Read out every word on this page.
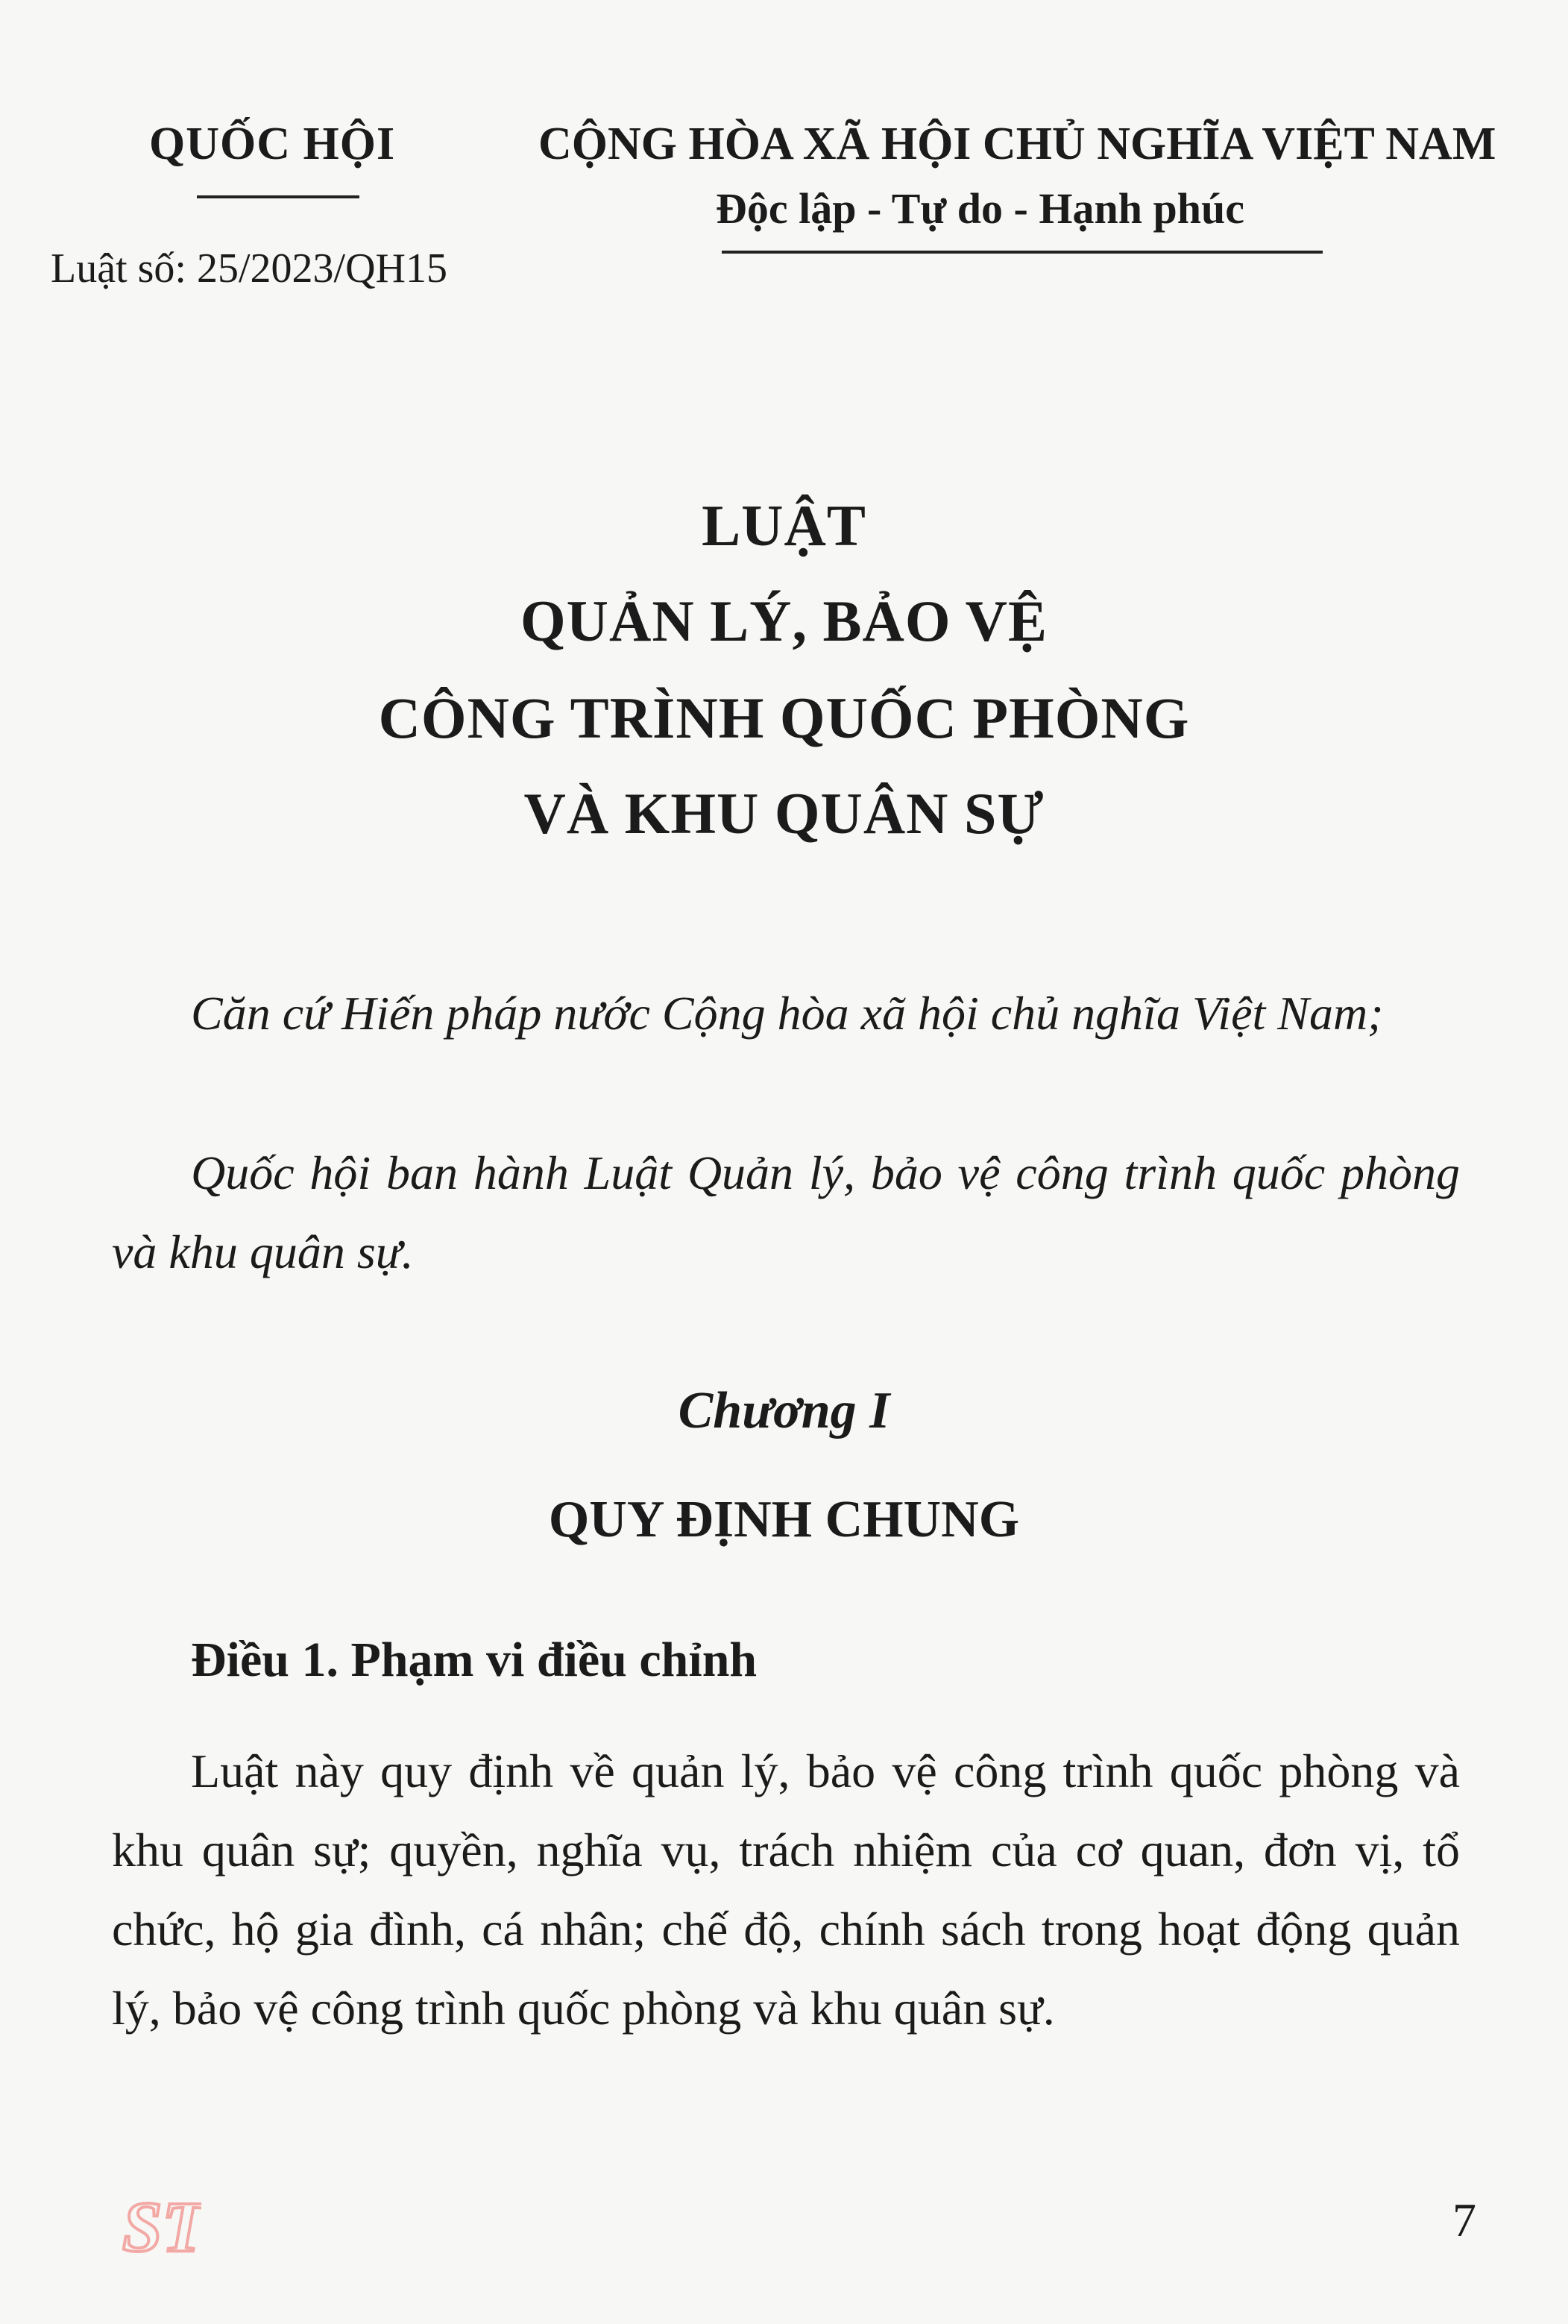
QUỐC HỘI
Luật số: 25/2023/QH15
CỘNG HÒA XÃ HỘI CHỦ NGHĨA VIỆT NAM
Độc lập - Tự do - Hạnh phúc
LUẬT
QUẢN LÝ, BẢO VỆ
CÔNG TRÌNH QUỐC PHÒNG
VÀ KHU QUÂN SỰ
Căn cứ Hiến pháp nước Cộng hòa xã hội chủ nghĩa Việt Nam;
Quốc hội ban hành Luật Quản lý, bảo vệ công trình quốc phòng và khu quân sự.
Chương I
QUY ĐỊNH CHUNG
Điều 1. Phạm vi điều chỉnh
Luật này quy định về quản lý, bảo vệ công trình quốc phòng và khu quân sự; quyền, nghĩa vụ, trách nhiệm của cơ quan, đơn vị, tổ chức, hộ gia đình, cá nhân; chế độ, chính sách trong hoạt động quản lý, bảo vệ công trình quốc phòng và khu quân sự.
ST	7
